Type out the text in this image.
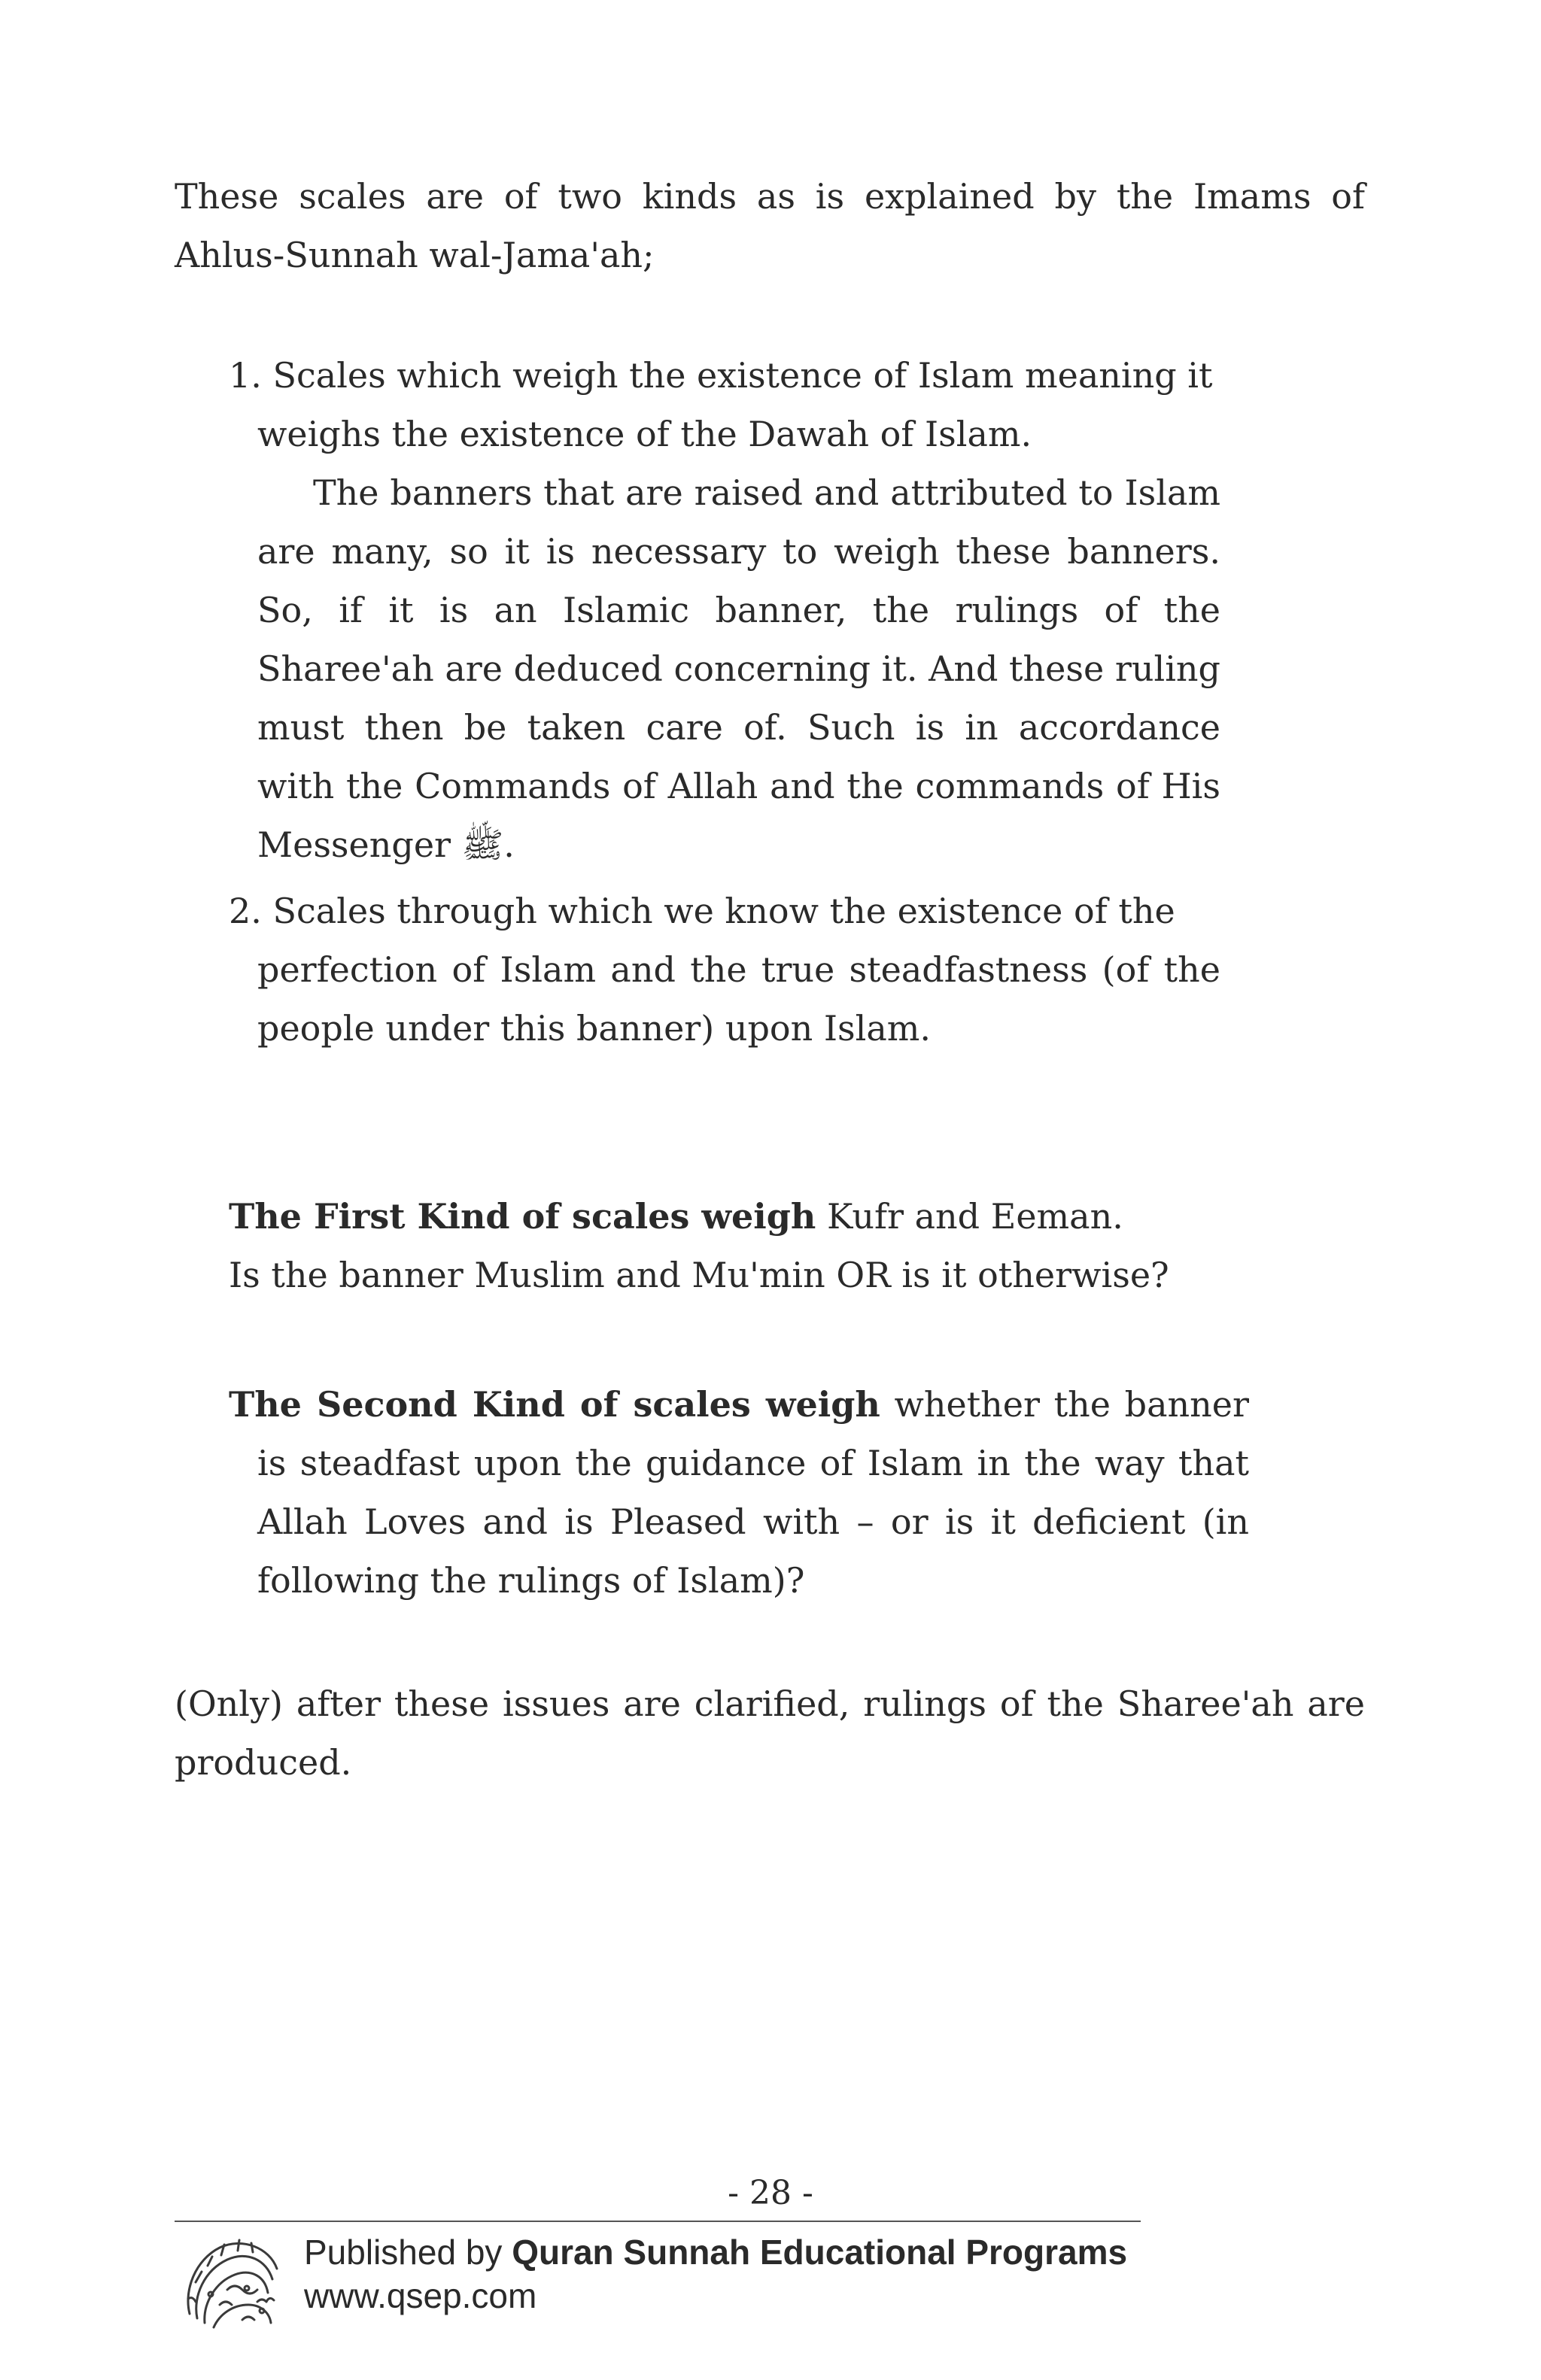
These scales are of two kinds as is explained by the Imams of Ahlus-Sunnah wal-Jama'ah;

1. Scales which weigh the existence of Islam meaning it
weighs the existence of the Dawah of Islam.
The banners that are raised and attributed to Islam are many, so it is necessary to weigh these banners. So, if it is an Islamic banner, the rulings of the Sharee'ah are deduced concerning it. And these ruling must then be taken care of. Such is in accordance with the Commands of Allah and the commands of His Messenger ﷺ.
2. Scales through which we know the existence of the
perfection of Islam and the true steadfastness (of the people under this banner) upon Islam.
The First Kind of scales weigh Kufr and Eeman.
Is the banner Muslim and Mu'min OR is it otherwise?
The Second Kind of scales weigh whether the banner is steadfast upon the guidance of Islam in the way that Allah Loves and is Pleased with – or is it deficient (in following the rulings of Islam)?

(Only) after these issues are clarified, rulings of the Sharee'ah are produced.

- 28 -
Published by Quran Sunnah Educational Programs
www.qsep.com
